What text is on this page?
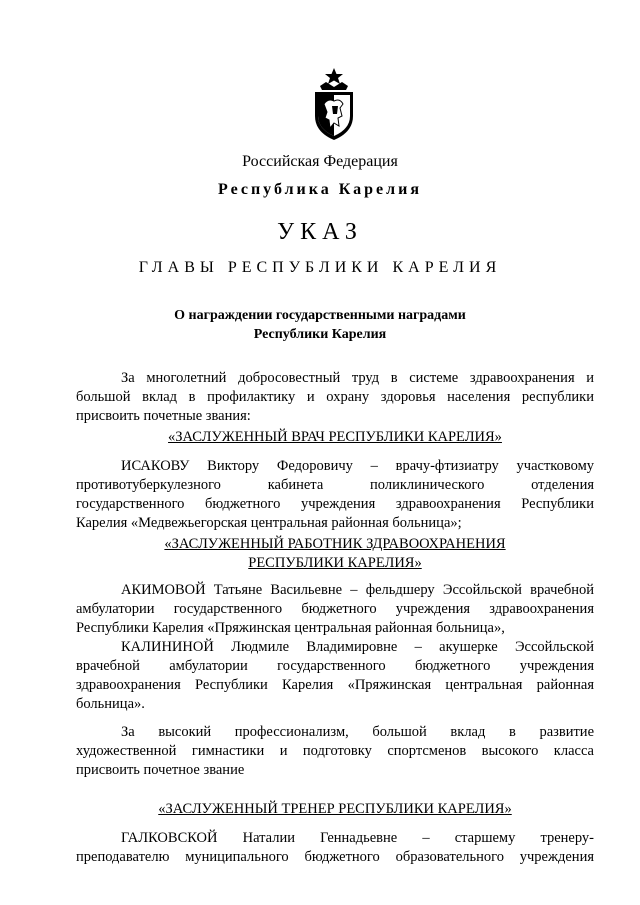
Российская Федерация
Республика Карелия
УКАЗ
ГЛАВЫ РЕСПУБЛИКИ КАРЕЛИЯ
О награждении государственными наградами
Республики Карелия
За многолетний добросовестный труд в системе здравоохранения и
большой вклад в профилактику и охрану здоровья населения республики
присвоить почетные звания:
«ЗАСЛУЖЕННЫЙ ВРАЧ РЕСПУБЛИКИ КАРЕЛИЯ»
ИСАКОВУ Виктору Федоровичу – врачу-фтизиатру участковому
противотуберкулезного кабинета поликлинического отделения
государственного бюджетного учреждения здравоохранения Республики
Карелия «Медвежьегорская центральная районная больница»;
«ЗАСЛУЖЕННЫЙ РАБОТНИК ЗДРАВООХРАНЕНИЯ
РЕСПУБЛИКИ КАРЕЛИЯ»
АКИМОВОЙ Татьяне Васильевне – фельдшеру Эссойльской врачебной
амбулатории государственного бюджетного учреждения здравоохранения
Республики Карелия «Пряжинская центральная районная больница»,
КАЛИНИНОЙ Людмиле Владимировне – акушерке Эссойльской
врачебной амбулатории государственного бюджетного учреждения
здравоохранения Республики Карелия «Пряжинская центральная районная
больница».
За высокий профессионализм, большой вклад в развитие
художественной гимнастики и подготовку спортсменов высокого класса
присвоить почетное звание
«ЗАСЛУЖЕННЫЙ ТРЕНЕР РЕСПУБЛИКИ КАРЕЛИЯ»
ГАЛКОВСКОЙ Наталии Геннадьевне – старшему тренеру-
преподавателю муниципального бюджетного образовательного учреждения
